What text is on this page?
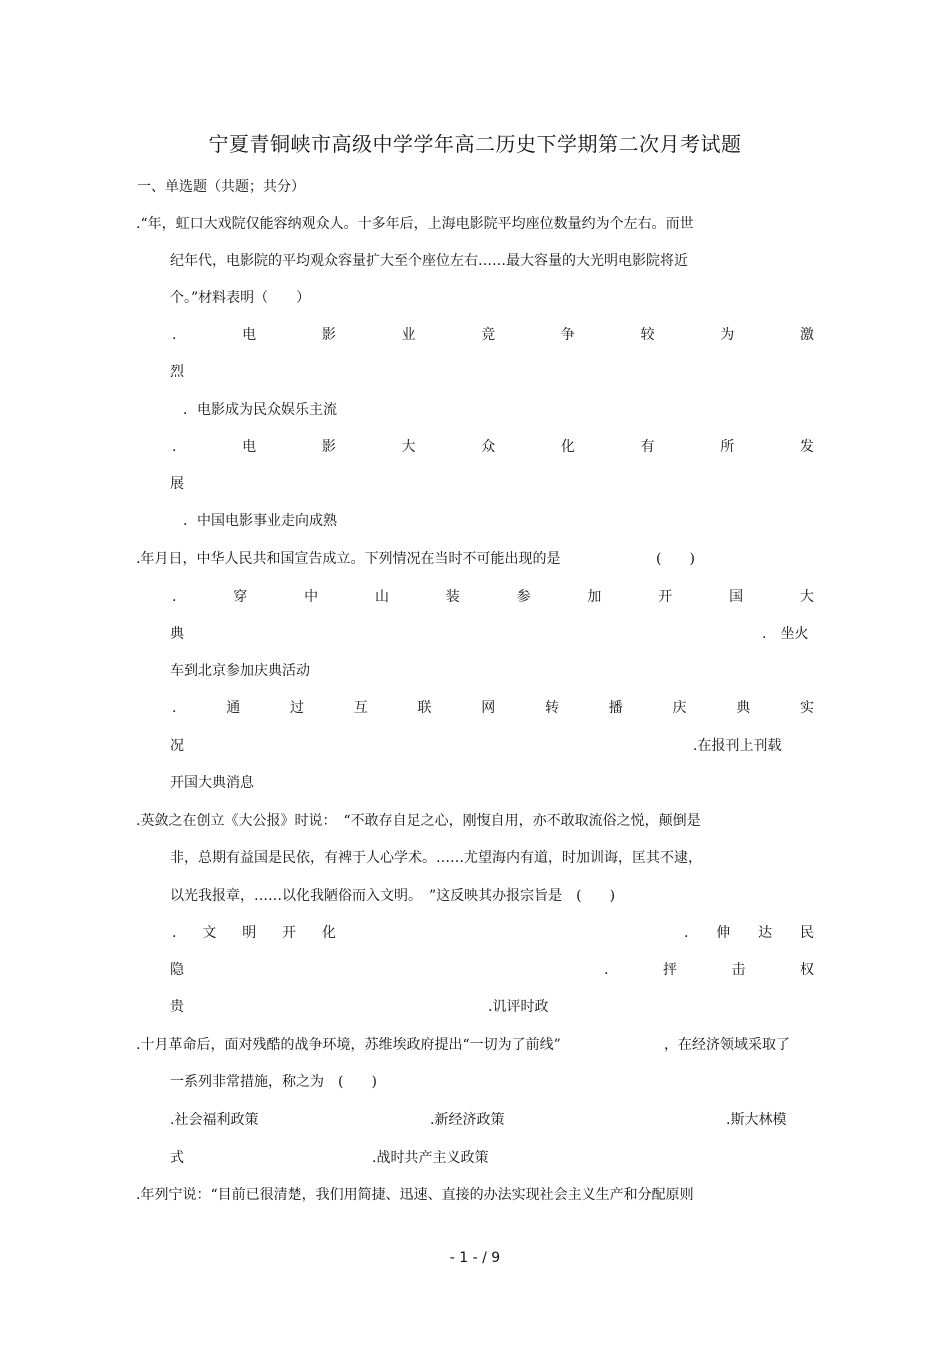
宁夏青铜峡市高级中学学年高二历史下学期第二次月考试题
一、单选题（共题；共分）
.“年，虹口大戏院仅能容纳观众人。十多年后，上海电影院平均座位数量约为个左右。而世
纪年代，电影院的平均观众容量扩大至个座位左右……最大容量的大光明电影院将近
个。”材料表明（　　）
.	电	影	业	竞	争	较	为	激
烈
．电影成为民众娱乐主流
.	电	影	大	众	化	有	所	发
展
．中国电影事业走向成熟
.年月日，中华人民共和国宣告成立。下列情况在当时不可能出现的是	(　　)
.	穿	中	山	装	参	加	开	国	大
典	.　坐火
车到北京参加庆典活动
.	通	过	互	联	网	转	播	庆	典	实
况	.在报刊上刊载
开国大典消息
.英敛之在创立《大公报》时说：　“不敢存自足之心，刚愎自用，亦不敢取流俗之悦，颠倒是
非，总期有益国是民依，有裨于人心学术。……尤望海内有道，时加训诲，匡其不逮，
以光我报章，……以化我陋俗而入文明。　”这反映其办报宗旨是　(　　)
. 文 明 开 化	. 伸 达 民
隐	.	抨	击	权
贵	.讥评时政
.十月革命后，面对残酷的战争环境，苏维埃政府提出“一切为了前线”	，在经济领域采取了
一系列非常措施，称之为　(　　)
.社会福利政策	.新经济政策	.斯大林模
式	.战时共产主义政策
.年列宁说：“目前已很清楚，我们用简捷、迅速、直接的办法实现社会主义生产和分配原则
- 1 - / 9
